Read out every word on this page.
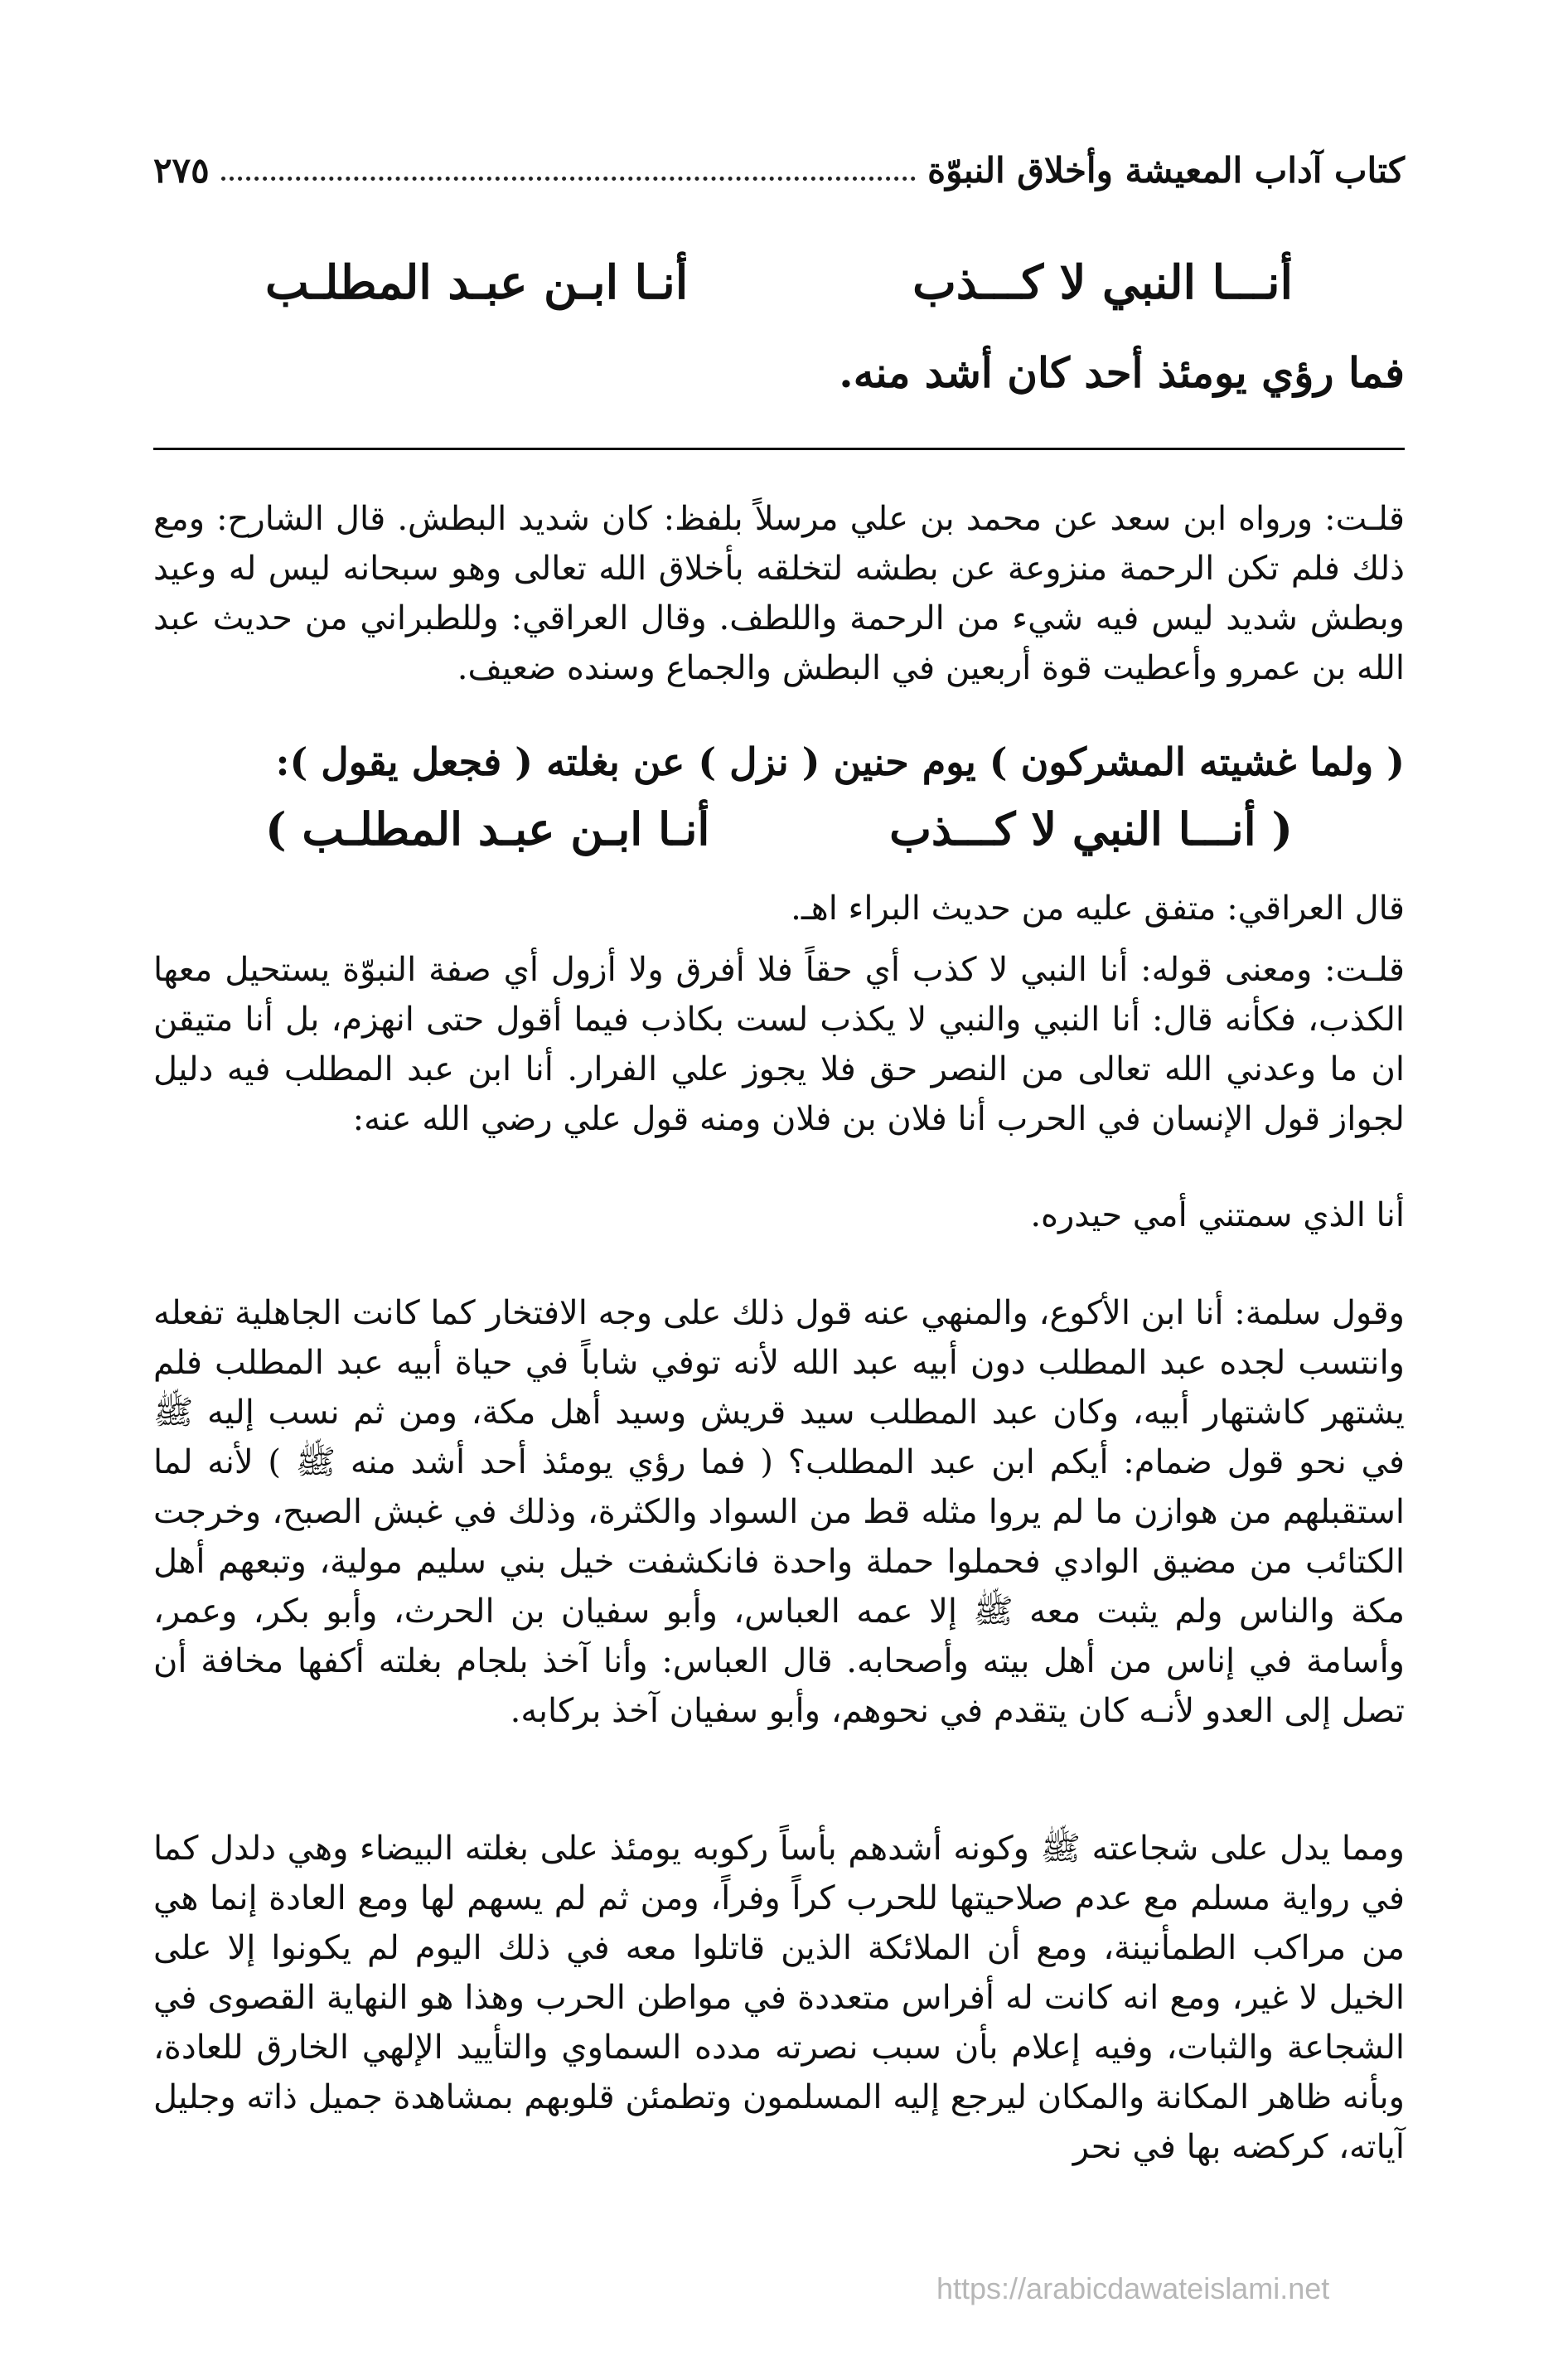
كتاب آداب المعيشة وأخلاق النبوّة
٢٧٥
أنـــا النبي لا كـــذب
أنـا ابـن عبـد المطلـب
فما رؤي يومئذ أحد كان أشد منه.

قلـت: ورواه ابن سعد عن محمد بن علي مرسلاً بلفظ: كان شديد البطش. قال الشارح: ومع ذلك فلم تكن الرحمة منزوعة عن بطشه لتخلقه بأخلاق الله تعالى وهو سبحانه ليس له وعيد وبطش شديد ليس فيه شيء من الرحمة واللطف. وقال العراقي: وللطبراني من حديث عبد الله بن عمرو وأعطيت قوة أربعين في البطش والجماع وسنده ضعيف.

( ولما غشيته المشركون ) يوم حنين ( نزل ) عن بغلته ( فجعل يقول ):
( أنـــا النبي لا كـــذب
أنـا ابـن عبـد المطلـب )

قال العراقي: متفق عليه من حديث البراء اهـ.

قلـت: ومعنى قوله: أنا النبي لا كذب أي حقاً فلا أفرق ولا أزول أي صفة النبوّة يستحيل معها الكذب، فكأنه قال: أنا النبي والنبي لا يكذب لست بكاذب فيما أقول حتى انهزم، بل أنا متيقن ان ما وعدني الله تعالى من النصر حق فلا يجوز علي الفرار. أنا ابن عبد المطلب فيه دليل لجواز قول الإنسان في الحرب أنا فلان بن فلان ومنه قول علي رضي الله عنه:

أنا الذي سمتني أمي حيدره.

وقول سلمة: أنا ابن الأكوع، والمنهي عنه قول ذلك على وجه الافتخار كما كانت الجاهلية تفعله وانتسب لجده عبد المطلب دون أبيه عبد الله لأنه توفي شاباً في حياة أبيه عبد المطلب فلم يشتهر كاشتهار أبيه، وكان عبد المطلب سيد قريش وسيد أهل مكة، ومن ثم نسب إليه ﷺ في نحو قول ضمام: أيكم ابن عبد المطلب؟ ( فما رؤي يومئذ أحد أشد منه ﷺ ) لأنه لما استقبلهم من هوازن ما لم يروا مثله قط من السواد والكثرة، وذلك في غبش الصبح، وخرجت الكتائب من مضيق الوادي فحملوا حملة واحدة فانكشفت خيل بني سليم مولية، وتبعهم أهل مكة والناس ولم يثبت معه ﷺ إلا عمه العباس، وأبو سفيان بن الحرث، وأبو بكر، وعمر، وأسامة في إناس من أهل بيته وأصحابه. قال العباس: وأنا آخذ بلجام بغلته أكفها مخافة أن تصل إلى العدو لأنـه كان يتقدم في نحوهم، وأبو سفيان آخذ بركابه.

ومما يدل على شجاعته ﷺ وكونه أشدهم بأساً ركوبه يومئذ على بغلته البيضاء وهي دلدل كما في رواية مسلم مع عدم صلاحيتها للحرب كراً وفراً، ومن ثم لم يسهم لها ومع العادة إنما هي من مراكب الطمأنينة، ومع أن الملائكة الذين قاتلوا معه في ذلك اليوم لم يكونوا إلا على الخيل لا غير، ومع انه كانت له أفراس متعددة في مواطن الحرب وهذا هو النهاية القصوى في الشجاعة والثبات، وفيه إعلام بأن سبب نصرته مدده السماوي والتأييد الإلهي الخارق للعادة، وبأنه ظاهر المكانة والمكان ليرجع إليه المسلمون وتطمئن قلوبهم بمشاهدة جميل ذاته وجليل آياته، كركضه بها في نحر

https://arabicdawateislami.net
